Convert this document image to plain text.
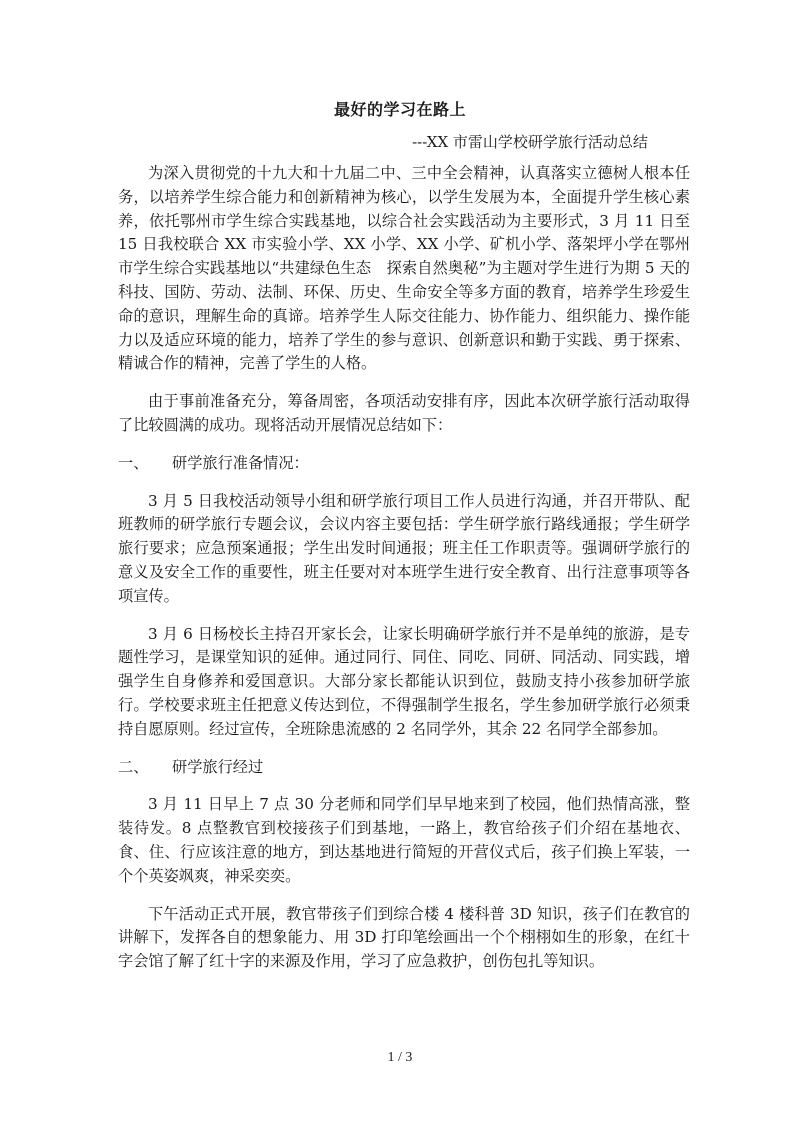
最好的学习在路上
---XX 市雷山学校研学旅行活动总结

为深入贯彻党的十九大和十九届二中、三中全会精神，认真落实立德树人根本任务，以培养学生综合能力和创新精神为核心，以学生发展为本，全面提升学生核心素养，依托鄂州市学生综合实践基地，以综合社会实践活动为主要形式，3 月 11 日至 15 日我校联合 XX 市实验小学、XX 小学、XX 小学、矿机小学、落架坪小学在鄂州市学生综合实践基地以“共建绿色生态　探索自然奥秘”为主题对学生进行为期 5 天的科技、国防、劳动、法制、环保、历史、生命安全等多方面的教育，培养学生珍爱生命的意识，理解生命的真谛。培养学生人际交往能力、协作能力、组织能力、操作能力以及适应环境的能力，培养了学生的参与意识、创新意识和勤于实践、勇于探索、精诚合作的精神，完善了学生的人格。

由于事前准备充分，筹备周密，各项活动安排有序，因此本次研学旅行活动取得了比较圆满的成功。现将活动开展情况总结如下：

一、 研学旅行准备情况：

3 月 5 日我校活动领导小组和研学旅行项目工作人员进行沟通，并召开带队、配班教师的研学旅行专题会议，会议内容主要包括：学生研学旅行路线通报；学生研学旅行要求；应急预案通报；学生出发时间通报；班主任工作职责等。强调研学旅行的意义及安全工作的重要性，班主任要对对本班学生进行安全教育、出行注意事项等各项宣传。

3 月 6 日杨校长主持召开家长会，让家长明确研学旅行并不是单纯的旅游，是专题性学习，是课堂知识的延伸。通过同行、同住、同吃、同研、同活动、同实践，增强学生自身修养和爱国意识。大部分家长都能认识到位，鼓励支持小孩参加研学旅行。学校要求班主任把意义传达到位，不得强制学生报名，学生参加研学旅行必须秉持自愿原则。经过宣传，全班除患流感的 2 名同学外，其余 22 名同学全部参加。

二、 研学旅行经过

3 月 11 日早上 7 点 30 分老师和同学们早早地来到了校园，他们热情高涨，整装待发。8 点整教官到校接孩子们到基地，一路上，教官给孩子们介绍在基地衣、食、住、行应该注意的地方，到达基地进行简短的开营仪式后，孩子们换上军装，一个个英姿飒爽，神采奕奕。

下午活动正式开展，教官带孩子们到综合楼 4 楼科普 3D 知识，孩子们在教官的讲解下，发挥各自的想象能力、用 3D 打印笔绘画出一个个栩栩如生的形象，在红十字会馆了解了红十字的来源及作用，学习了应急救护，创伤包扎等知识。

1 / 3
